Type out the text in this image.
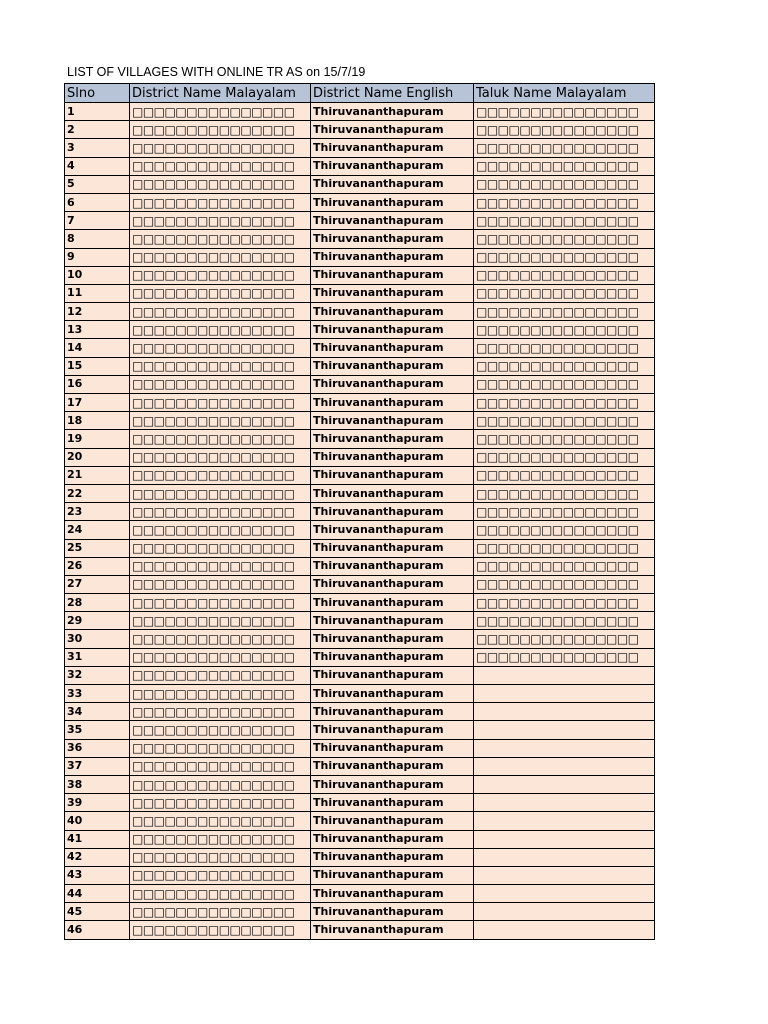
LIST OF VILLAGES WITH ONLINE TR AS on 15/7/19
Slno	District Name Malayalam	District Name English	Taluk Name Malayalam
1	□□□□□□□□□□□□□□□	Thiruvananthapuram	□□□□□□□□□□□□□□□
2	□□□□□□□□□□□□□□□	Thiruvananthapuram	□□□□□□□□□□□□□□□
3	□□□□□□□□□□□□□□□	Thiruvananthapuram	□□□□□□□□□□□□□□□
4	□□□□□□□□□□□□□□□	Thiruvananthapuram	□□□□□□□□□□□□□□□
5	□□□□□□□□□□□□□□□	Thiruvananthapuram	□□□□□□□□□□□□□□□
6	□□□□□□□□□□□□□□□	Thiruvananthapuram	□□□□□□□□□□□□□□□
7	□□□□□□□□□□□□□□□	Thiruvananthapuram	□□□□□□□□□□□□□□□
8	□□□□□□□□□□□□□□□	Thiruvananthapuram	□□□□□□□□□□□□□□□
9	□□□□□□□□□□□□□□□	Thiruvananthapuram	□□□□□□□□□□□□□□□
10	□□□□□□□□□□□□□□□	Thiruvananthapuram	□□□□□□□□□□□□□□□
11	□□□□□□□□□□□□□□□	Thiruvananthapuram	□□□□□□□□□□□□□□□
12	□□□□□□□□□□□□□□□	Thiruvananthapuram	□□□□□□□□□□□□□□□
13	□□□□□□□□□□□□□□□	Thiruvananthapuram	□□□□□□□□□□□□□□□
14	□□□□□□□□□□□□□□□	Thiruvananthapuram	□□□□□□□□□□□□□□□
15	□□□□□□□□□□□□□□□	Thiruvananthapuram	□□□□□□□□□□□□□□□
16	□□□□□□□□□□□□□□□	Thiruvananthapuram	□□□□□□□□□□□□□□□
17	□□□□□□□□□□□□□□□	Thiruvananthapuram	□□□□□□□□□□□□□□□
18	□□□□□□□□□□□□□□□	Thiruvananthapuram	□□□□□□□□□□□□□□□
19	□□□□□□□□□□□□□□□	Thiruvananthapuram	□□□□□□□□□□□□□□□
20	□□□□□□□□□□□□□□□	Thiruvananthapuram	□□□□□□□□□□□□□□□
21	□□□□□□□□□□□□□□□	Thiruvananthapuram	□□□□□□□□□□□□□□□
22	□□□□□□□□□□□□□□□	Thiruvananthapuram	□□□□□□□□□□□□□□□
23	□□□□□□□□□□□□□□□	Thiruvananthapuram	□□□□□□□□□□□□□□□
24	□□□□□□□□□□□□□□□	Thiruvananthapuram	□□□□□□□□□□□□□□□
25	□□□□□□□□□□□□□□□	Thiruvananthapuram	□□□□□□□□□□□□□□□
26	□□□□□□□□□□□□□□□	Thiruvananthapuram	□□□□□□□□□□□□□□□
27	□□□□□□□□□□□□□□□	Thiruvananthapuram	□□□□□□□□□□□□□□□
28	□□□□□□□□□□□□□□□	Thiruvananthapuram	□□□□□□□□□□□□□□□
29	□□□□□□□□□□□□□□□	Thiruvananthapuram	□□□□□□□□□□□□□□□
30	□□□□□□□□□□□□□□□	Thiruvananthapuram	□□□□□□□□□□□□□□□
31	□□□□□□□□□□□□□□□	Thiruvananthapuram	□□□□□□□□□□□□□□□
32	□□□□□□□□□□□□□□□	Thiruvananthapuram	
33	□□□□□□□□□□□□□□□	Thiruvananthapuram	
34	□□□□□□□□□□□□□□□	Thiruvananthapuram	
35	□□□□□□□□□□□□□□□	Thiruvananthapuram	
36	□□□□□□□□□□□□□□□	Thiruvananthapuram	
37	□□□□□□□□□□□□□□□	Thiruvananthapuram	
38	□□□□□□□□□□□□□□□	Thiruvananthapuram	
39	□□□□□□□□□□□□□□□	Thiruvananthapuram	
40	□□□□□□□□□□□□□□□	Thiruvananthapuram	
41	□□□□□□□□□□□□□□□	Thiruvananthapuram	
42	□□□□□□□□□□□□□□□	Thiruvananthapuram	
43	□□□□□□□□□□□□□□□	Thiruvananthapuram	
44	□□□□□□□□□□□□□□□	Thiruvananthapuram	
45	□□□□□□□□□□□□□□□	Thiruvananthapuram	
46	□□□□□□□□□□□□□□□	Thiruvananthapuram	
